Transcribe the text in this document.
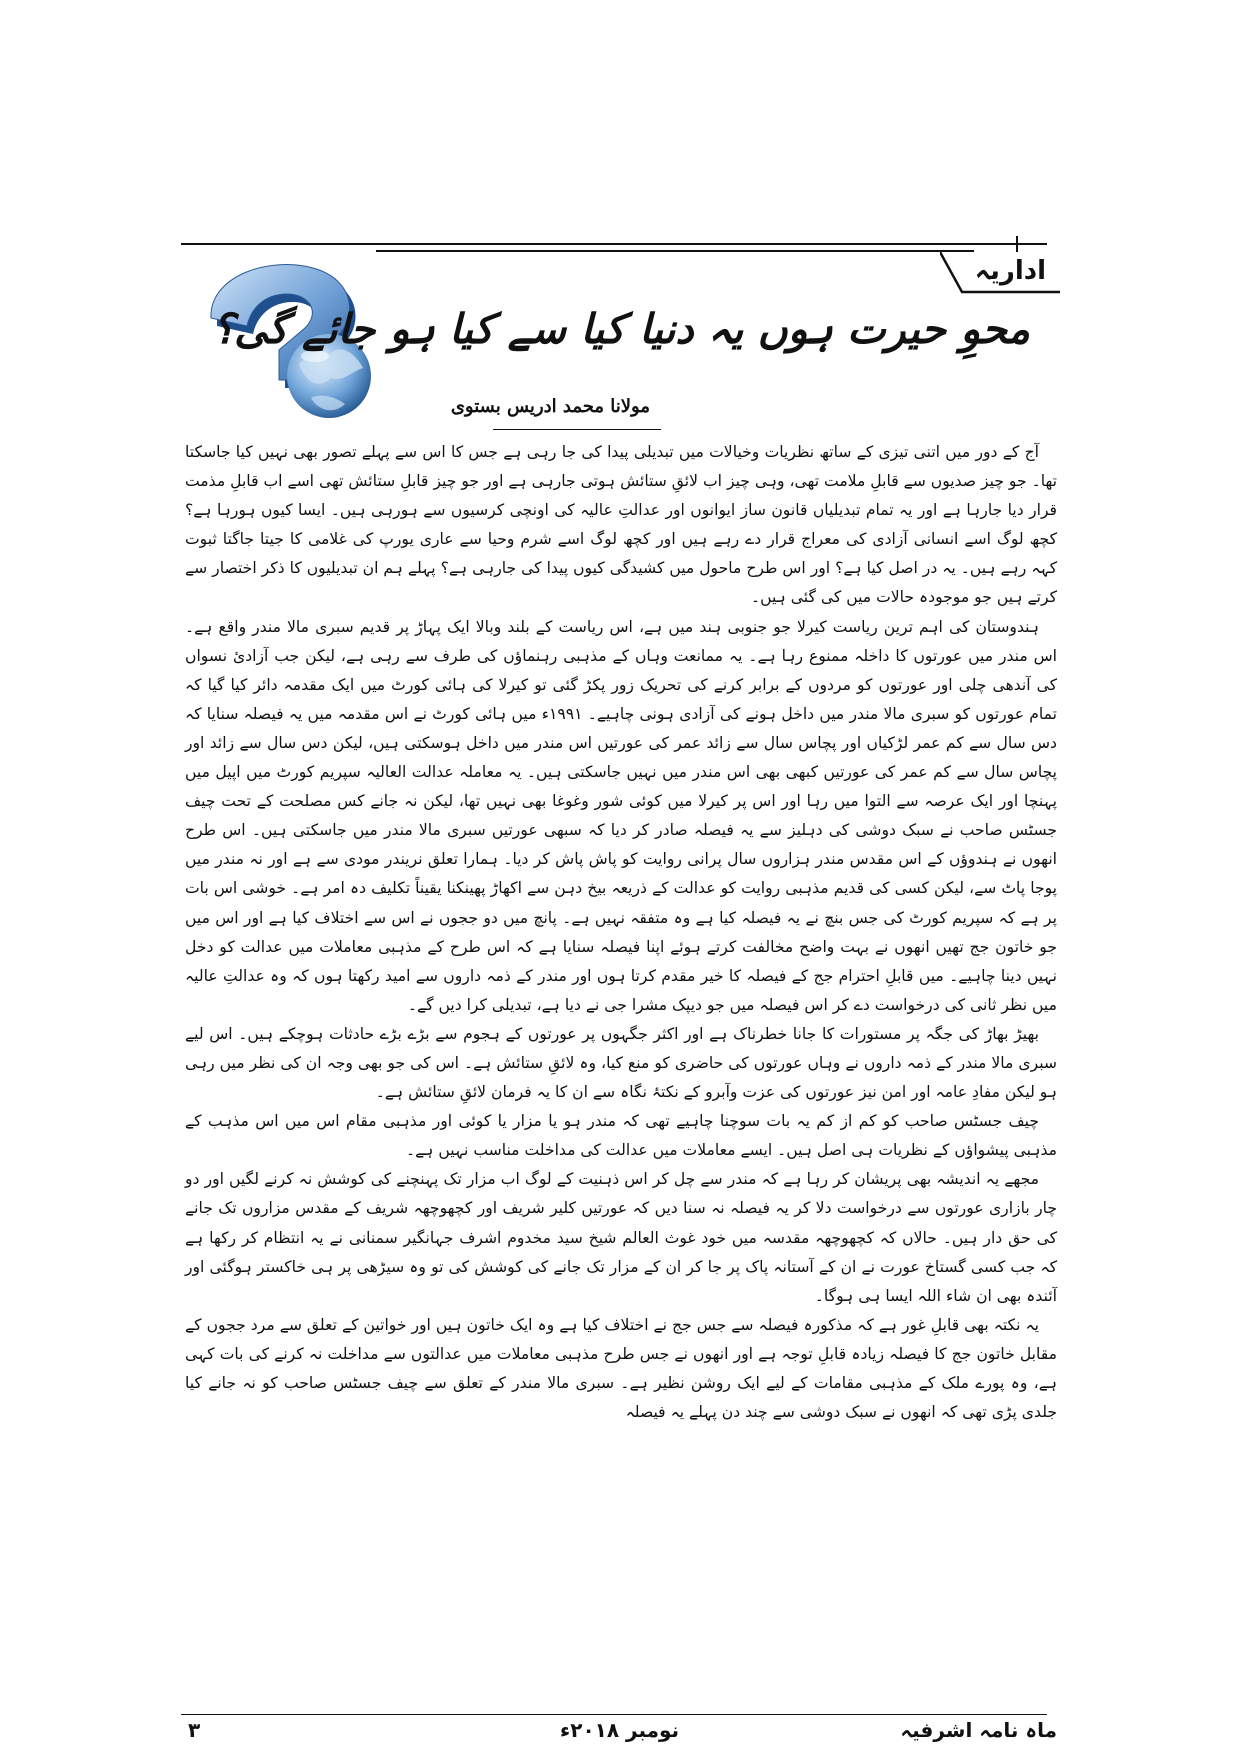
اداریہ
محوِ حیرت ہوں یہ دنیا کیا سے کیا ہو جائے گی؟
مولانا محمد ادریس بستوی

آج کے دور میں اتنی تیزی کے ساتھ نظریات وخیالات میں تبدیلی پیدا کی جا رہی ہے جس کا اس سے پہلے تصور بھی نہیں کیا جاسکتا تھا۔ جو چیز صدیوں سے قابلِ ملامت تھی، وہی چیز اب لائقِ ستائش ہوتی جارہی ہے اور جو چیز قابلِ ستائش تھی اسے اب قابلِ مذمت قرار دیا جارہا ہے اور یہ تمام تبدیلیاں قانون ساز ایوانوں اور عدالتِ عالیہ کی اونچی کرسیوں سے ہورہی ہیں۔ ایسا کیوں ہورہا ہے؟ کچھ لوگ اسے انسانی آزادی کی معراج قرار دے رہے ہیں اور کچھ لوگ اسے شرم وحیا سے عاری یورپ کی غلامی کا جیتا جاگتا ثبوت کہہ رہے ہیں۔ یہ در اصل کیا ہے؟ اور اس طرح ماحول میں کشیدگی کیوں پیدا کی جارہی ہے؟ پہلے ہم ان تبدیلیوں کا ذکر اختصار سے کرتے ہیں جو موجودہ حالات میں کی گئی ہیں۔

ہندوستان کی اہم ترین ریاست کیرلا جو جنوبی ہند میں ہے، اس ریاست کے بلند وبالا ایک پہاڑ پر قدیم سبری مالا مندر واقع ہے۔ اس مندر میں عورتوں کا داخلہ ممنوع رہا ہے۔ یہ ممانعت وہاں کے مذہبی رہنماؤں کی طرف سے رہی ہے، لیکن جب آزادیٔ نسواں کی آندھی چلی اور عورتوں کو مردوں کے برابر کرنے کی تحریک زور پکڑ گئی تو کیرلا کی ہائی کورٹ میں ایک مقدمہ دائر کیا گیا کہ تمام عورتوں کو سبری مالا مندر میں داخل ہونے کی آزادی ہونی چاہیے۔ ۱۹۹۱ء میں ہائی کورٹ نے اس مقدمہ میں یہ فیصلہ سنایا کہ دس سال سے کم عمر لڑکیاں اور پچاس سال سے زائد عمر کی عورتیں اس مندر میں داخل ہوسکتی ہیں، لیکن دس سال سے زائد اور پچاس سال سے کم عمر کی عورتیں کبھی بھی اس مندر میں نہیں جاسکتی ہیں۔ یہ معاملہ عدالت العالیہ سپریم کورٹ میں اپیل میں پہنچا اور ایک عرصہ سے التوا میں رہا اور اس پر کیرلا میں کوئی شور وغوغا بھی نہیں تھا، لیکن نہ جانے کس مصلحت کے تحت چیف جسٹس صاحب نے سبک دوشی کی دہلیز سے یہ فیصلہ صادر کر دیا کہ سبھی عورتیں سبری مالا مندر میں جاسکتی ہیں۔ اس طرح انھوں نے ہندوؤں کے اس مقدس مندر ہزاروں سال پرانی روایت کو پاش پاش کر دیا۔ ہمارا تعلق نریندر مودی سے ہے اور نہ مندر میں پوجا پاٹ سے، لیکن کسی کی قدیم مذہبی روایت کو عدالت کے ذریعہ بیخ دہن سے اکھاڑ پھینکنا یقیناً تکلیف دہ امر ہے۔ خوشی اس بات پر ہے کہ سپریم کورٹ کی جس بنچ نے یہ فیصلہ کیا ہے وہ متفقہ نہیں ہے۔ پانچ میں دو ججوں نے اس سے اختلاف کیا ہے اور اس میں جو خاتون جج تھیں انھوں نے بہت واضح مخالفت کرتے ہوئے اپنا فیصلہ سنایا ہے کہ اس طرح کے مذہبی معاملات میں عدالت کو دخل نہیں دینا چاہیے۔ میں قابلِ احترام جج کے فیصلہ کا خیر مقدم کرتا ہوں اور مندر کے ذمہ داروں سے امید رکھتا ہوں کہ وہ عدالتِ عالیہ میں نظر ثانی کی درخواست دے کر اس فیصلہ میں جو دیپک مشرا جی نے دیا ہے، تبدیلی کرا دیں گے۔

بھیڑ بھاڑ کی جگہ پر مستورات کا جانا خطرناک ہے اور اکثر جگہوں پر عورتوں کے ہجوم سے بڑے بڑے حادثات ہوچکے ہیں۔ اس لیے سبری مالا مندر کے ذمہ داروں نے وہاں عورتوں کی حاضری کو منع کیا، وہ لائقِ ستائش ہے۔ اس کی جو بھی وجہ ان کی نظر میں رہی ہو لیکن مفادِ عامہ اور امن نیز عورتوں کی عزت وآبرو کے نکتۂ نگاہ سے ان کا یہ فرمان لائقِ ستائش ہے۔

چیف جسٹس صاحب کو کم از کم یہ بات سوچنا چاہیے تھی کہ مندر ہو یا مزار یا کوئی اور مذہبی مقام اس میں اس مذہب کے مذہبی پیشواؤں کے نظریات ہی اصل ہیں۔ ایسے معاملات میں عدالت کی مداخلت مناسب نہیں ہے۔

مجھے یہ اندیشہ بھی پریشان کر رہا ہے کہ مندر سے چل کر اس ذہنیت کے لوگ اب مزار تک پہنچنے کی کوشش نہ کرنے لگیں اور دو چار بازاری عورتوں سے درخواست دلا کر یہ فیصلہ نہ سنا دیں کہ عورتیں کلیر شریف اور کچھوچھہ شریف کے مقدس مزاروں تک جانے کی حق دار ہیں۔ حالاں کہ کچھوچھہ مقدسہ میں خود غوث العالم شیخ سید مخدوم اشرف جہانگیر سمنانی نے یہ انتظام کر رکھا ہے کہ جب کسی گستاخ عورت نے ان کے آستانہ پاک پر جا کر ان کے مزار تک جانے کی کوشش کی تو وہ سیڑھی پر ہی خاکستر ہوگئی اور آئندہ بھی ان شاء اللہ ایسا ہی ہوگا۔

یہ نکتہ بھی قابلِ غور ہے کہ مذکورہ فیصلہ سے جس جج نے اختلاف کیا ہے وہ ایک خاتون ہیں اور خواتین کے تعلق سے مرد ججوں کے مقابل خاتون جج کا فیصلہ زیادہ قابلِ توجہ ہے اور انھوں نے جس طرح مذہبی معاملات میں عدالتوں سے مداخلت نہ کرنے کی بات کہی ہے، وہ پورے ملک کے مذہبی مقامات کے لیے ایک روشن نظیر ہے۔ سبری مالا مندر کے تعلق سے چیف جسٹس صاحب کو نہ جانے کیا جلدی پڑی تھی کہ انھوں نے سبک دوشی سے چند دن پہلے یہ فیصلہ

ماہ نامہ اشرفیہ
نومبر ۲۰۱۸ء
۳
